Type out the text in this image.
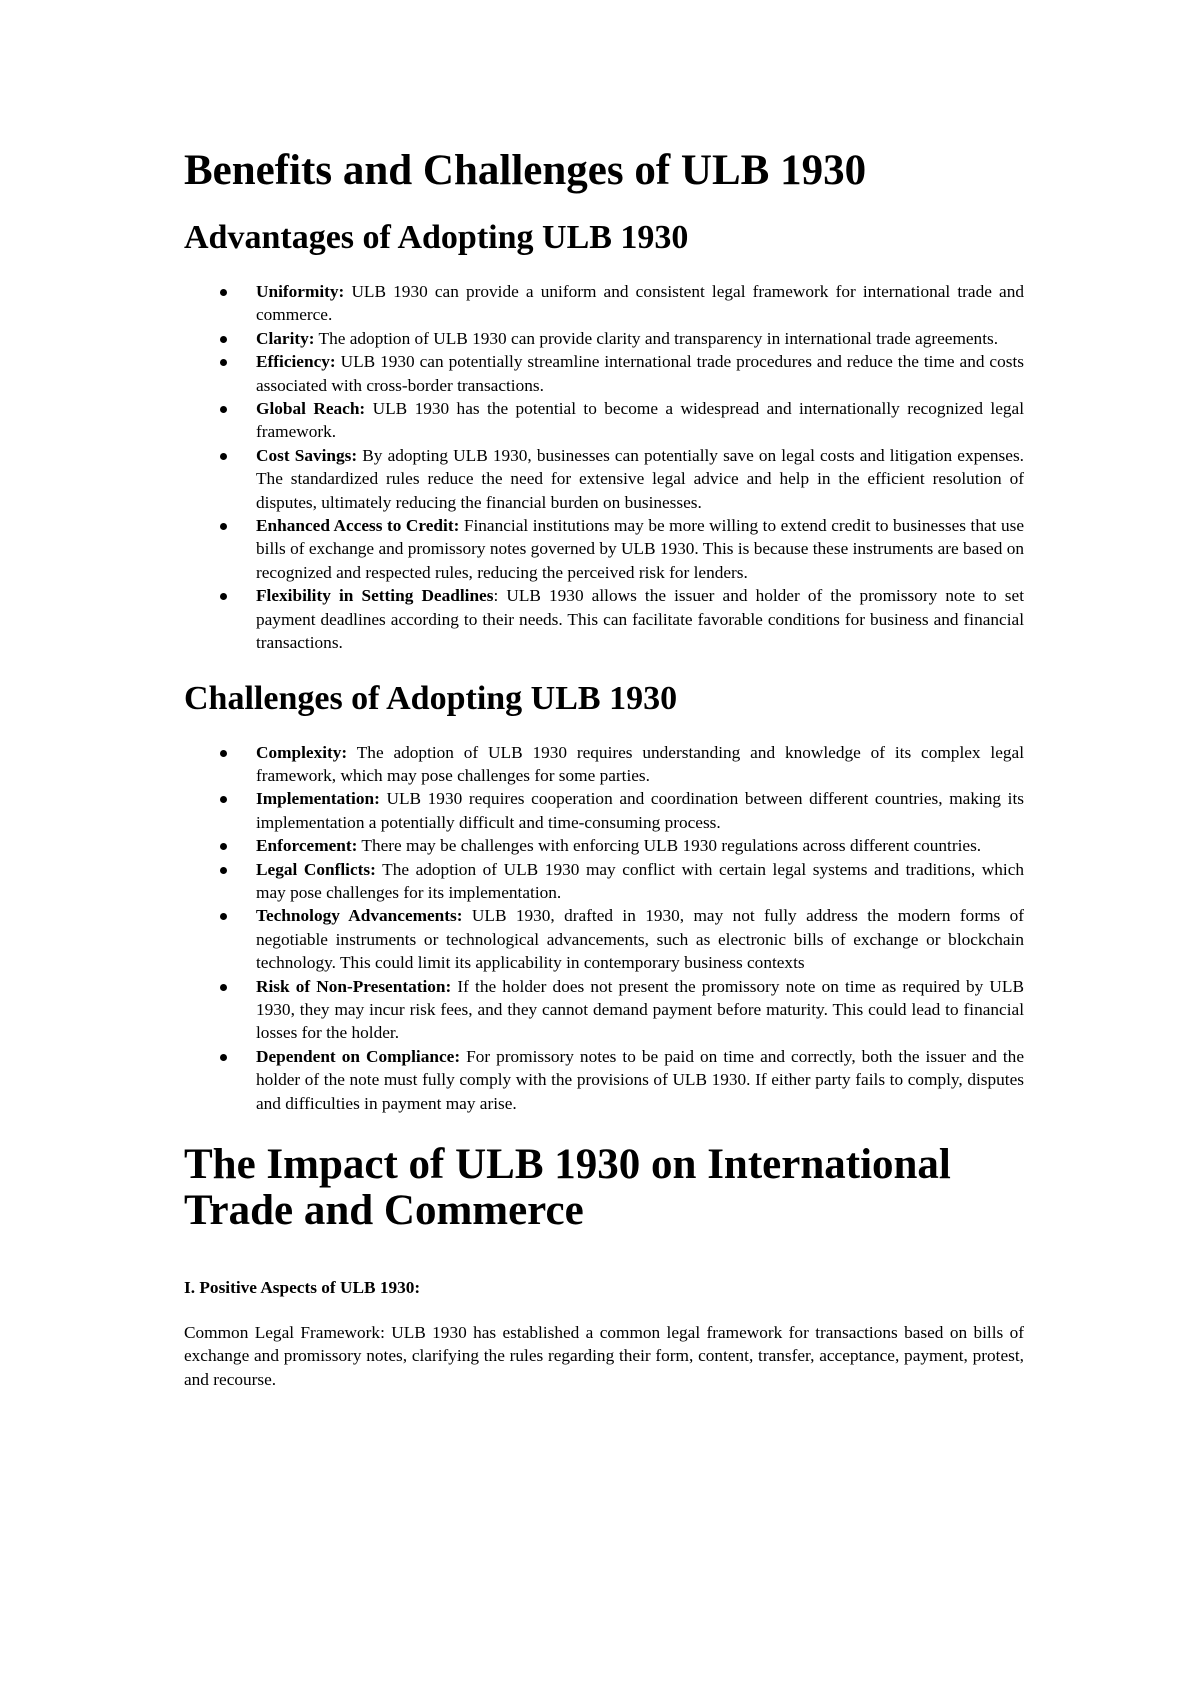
Benefits and Challenges of ULB 1930
Advantages of Adopting ULB 1930
Uniformity: ULB 1930 can provide a uniform and consistent legal framework for international trade and commerce.
Clarity: The adoption of ULB 1930 can provide clarity and transparency in international trade agreements.
Efficiency: ULB 1930 can potentially streamline international trade procedures and reduce the time and costs associated with cross-border transactions.
Global Reach: ULB 1930 has the potential to become a widespread and internationally recognized legal framework.
Cost Savings: By adopting ULB 1930, businesses can potentially save on legal costs and litigation expenses. The standardized rules reduce the need for extensive legal advice and help in the efficient resolution of disputes, ultimately reducing the financial burden on businesses.
Enhanced Access to Credit: Financial institutions may be more willing to extend credit to businesses that use bills of exchange and promissory notes governed by ULB 1930. This is because these instruments are based on recognized and respected rules, reducing the perceived risk for lenders.
Flexibility in Setting Deadlines: ULB 1930 allows the issuer and holder of the promissory note to set payment deadlines according to their needs. This can facilitate favorable conditions for business and financial transactions.
Challenges of Adopting ULB 1930
Complexity: The adoption of ULB 1930 requires understanding and knowledge of its complex legal framework, which may pose challenges for some parties.
Implementation: ULB 1930 requires cooperation and coordination between different countries, making its implementation a potentially difficult and time-consuming process.
Enforcement: There may be challenges with enforcing ULB 1930 regulations across different countries.
Legal Conflicts: The adoption of ULB 1930 may conflict with certain legal systems and traditions, which may pose challenges for its implementation.
Technology Advancements: ULB 1930, drafted in 1930, may not fully address the modern forms of negotiable instruments or technological advancements, such as electronic bills of exchange or blockchain technology. This could limit its applicability in contemporary business contexts
Risk of Non-Presentation: If the holder does not present the promissory note on time as required by ULB 1930, they may incur risk fees, and they cannot demand payment before maturity. This could lead to financial losses for the holder.
Dependent on Compliance: For promissory notes to be paid on time and correctly, both the issuer and the holder of the note must fully comply with the provisions of ULB 1930. If either party fails to comply, disputes and difficulties in payment may arise.
The Impact of ULB 1930 on International Trade and Commerce

I. Positive Aspects of ULB 1930:

Common Legal Framework: ULB 1930 has established a common legal framework for transactions based on bills of exchange and promissory notes, clarifying the rules regarding their form, content, transfer, acceptance, payment, protest, and recourse.
